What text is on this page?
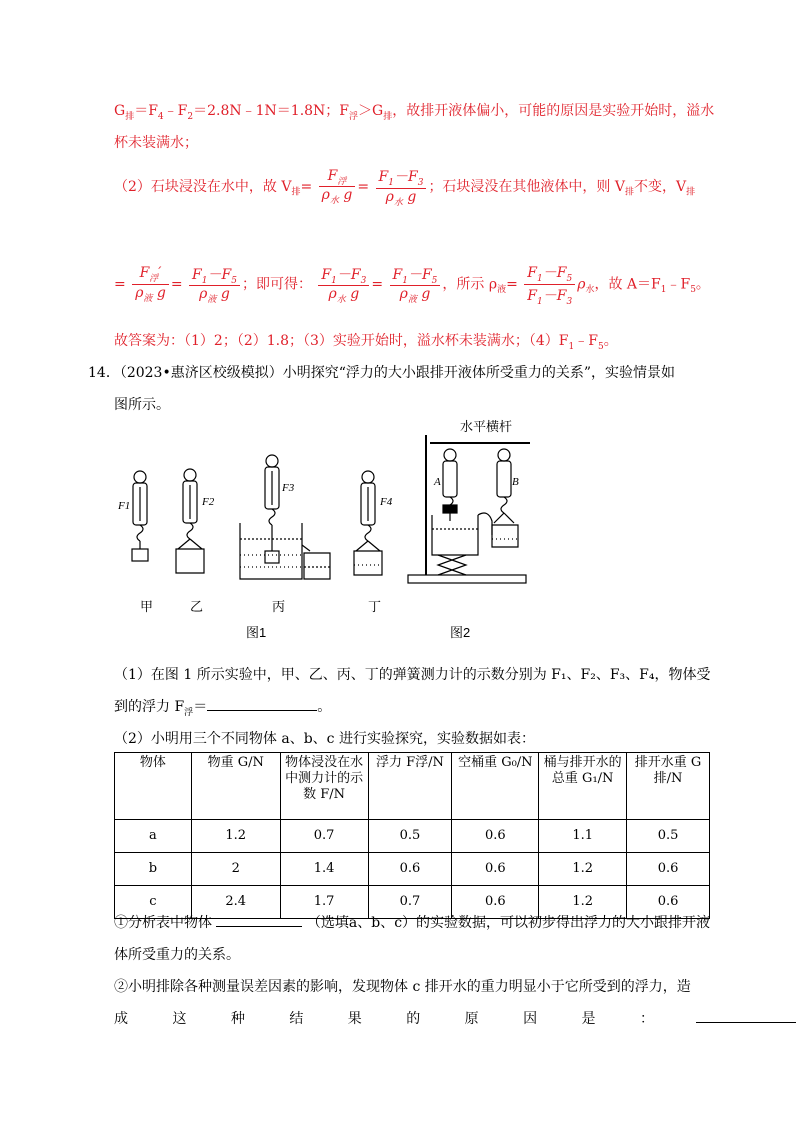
$G_排=F_4﹣F_2=2.8N﹣1N=1.8N$；$F_浮>G_排$，故排开液体偏小，可能的原因是实验开始时，溢水
杯未装满水；
（2）石块浸没在水中，故 $V_排= \frac{F_浮}{\rho_水 g} = \frac{F_1-F_3}{\rho_水 g}$ ；石块浸没在其他液体中，则 $V_排$不变，$V_排$
= $\frac{F_浮'}{\rho_液 g} = \frac{F_1-F_5}{\rho_液 g}$ ；即可得： $\frac{F_1-F_3}{\rho_水 g} = \frac{F_1-F_5}{\rho_液 g}$ ，所示 $\rho_液= \frac{F_1-F_5}{F_1-F_3} \rho_水$，故 $A=F_1﹣F_5$。
故答案为：（1）2；（2）1.8；（3）实验开始时，溢水杯未装满水；$(4)F_1﹣F_5$。
14．（2023•惠济区校级模拟）小明探究“浮力的大小跟排开液体所受重力的关系”，实验情景如
图所示。
F1	F2
F3
F4
A	B
水平横杆
甲	乙	丙	丁
图1	图2
（1）在图 1 所示实验中，甲、乙、丙、丁的弹簧测力计的示数分别为 F₁、F₂、F₃、F₄，物体受
到的浮力 $F_浮=$	。
（2）小明用三个不同物体 a、b、c 进行实验探究，实验数据如表：
物体	物重 G/N	物体浸没在水中测力计的示数 F/N	浮力 F浮/N	空桶重 G₀/N	桶与排开水的总重 G₁/N	排开水重 G排/N
a	1.2	0.7	0.5	0.6	1.1	0.5
b	2	1.4	0.6	0.6	1.2	0.6
c	2.4	1.7	0.7	0.6	1.2	0.6
①分析表中物体	（选填a、b、c）的实验数据，可以初步得出浮力的大小跟排开液
体所受重力的关系。
②小明排除各种测量误差因素的影响，发现物体 c 排开水的重力明显小于它所受到的浮力，造
成	这	种	结	果	的	原	因	是	：
